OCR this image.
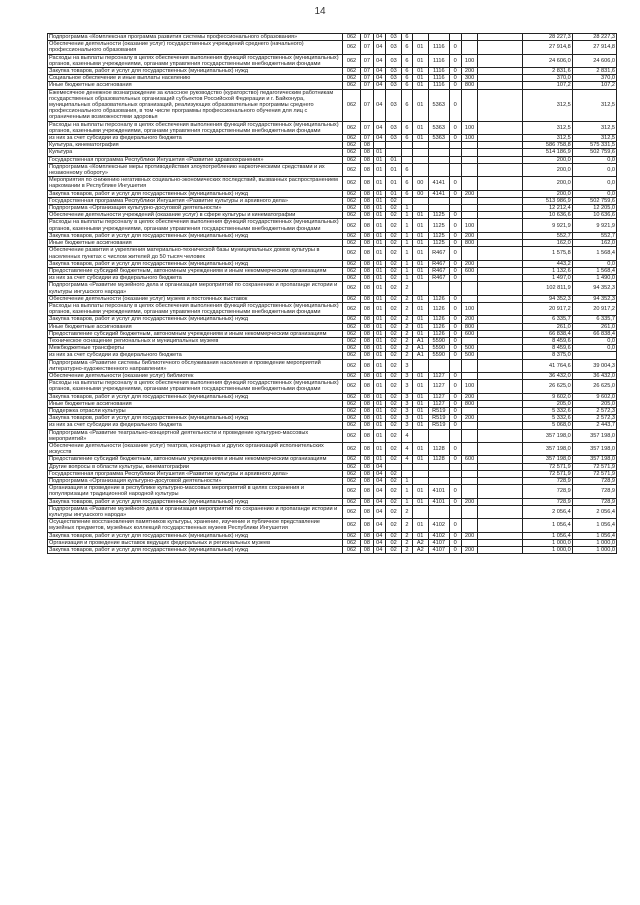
14
Подпрограмма «Комплексная программа развития системы профессионального образования»	062	07	04	03	6						28 227,3	28 227,3
Обеспечение деятельности (оказание услуг) государственных учреждений среднего (начального) профессионального образования	062	07	04	03	6	01	1116	0			27 914,8	27 914,8
Расходы на выплаты персоналу в целях обеспечения выполнения функций государственных (муниципальных) органов, казенными учреждениями, органами управления государственными внебюджетными фондами	062	07	04	03	6	01	1116	0	100		24 606,0	24 606,0
Закупка товаров, работ и услуг для государственных (муниципальных) нужд	062	07	04	03	6	01	1116	0	200		2 831,6	2 831,6
Социальное обеспечение и иные выплаты населению	062	07	04	03	6	01	1116	0	300		370,0	370,0
Иные бюджетные ассигнования	062	07	04	03	6	01	1116	0	800		107,2	107,2
Ежемесячное денежное вознаграждение за классное руководство (кураторство) педагогическим работникам государственных образовательных организаций субъектов Российской Федерации и г. Байконура, муниципальных образовательных организаций, реализующих образовательные программы среднего профессионального образования, в том числе программы профессионального обучения для лиц с ограниченными возможностями здоровья	062	07	04	03	6	01	5363	0			312,5	312,5
Расходы на выплаты персоналу в целях обеспечения выполнения функций государственных (муниципальных) органов, казенными учреждениями, органами управления государственными внебюджетными фондами	062	07	04	03	6	01	5363	0	100		312,5	312,5
из них за счет субсидии из федерального бюджета	062	07	04	03	6	01	5363	0	100		312,5	312,5
Культура, кинематография	062	08									586 758,8	575 331,5
Культура	062	08	01								514 186,9	502 759,6
Государственная программа Республики Ингушетия «Развитие здравоохранения»	062	08	01	01							200,0	0,0
Подпрограмма «Комплексные меры противодействия злоупотреблению наркотическими средствами и их незаконному обороту»	062	08	01	01	6						200,0	0,0
Мероприятия по снижению негативных социально-экономических последствий, вызванных распространением наркомании в Республике Ингушетия	062	08	01	01	6	00	4141	0			200,0	0,0
Закупка товаров, работ и услуг для государственных (муниципальных) нужд	062	08	01	01	6	00	4141	0	200		200,0	0,0
Государственная программа Республики Ингушетия «Развитие культуры и архивного дела»	062	08	01	02							513 986,9	502 759,6
Подпрограмма «Организация культурно-досуговой деятельности»	062	08	01	02	1						12 212,4	12 205,0
Обеспечение деятельности учреждений (оказание услуг) в сфере культуры и кинематографии	062	08	01	02	1	01	1125	0			10 636,6	10 636,6
Расходы на выплаты персоналу в целях обеспечения выполнения функций государственных (муниципальных) органов, казенными учреждениями, органами управления государственными внебюджетными фондами	062	08	01	02	1	01	1125	0	100		9 921,9	9 921,9
Закупка товаров, работ и услуг для государственных (муниципальных) нужд	062	08	01	02	1	01	1125	0	200		552,7	552,7
Иные бюджетные ассигнования	062	08	01	02	1	01	1125	0	800		162,0	162,0
Обеспечение развития и укрепления материально-технической базы муниципальных домов культуры в населенных пунктах с числом жителей до 50 тысяч человек	062	08	01	02	1	01	R467	0			1 575,8	1 568,4
Закупка товаров, работ и услуг для государственных (муниципальных) нужд	062	08	01	02	1	01	R467	0	200		443,2	0,0
Предоставление субсидий бюджетным, автономным учреждениям и иным некоммерческим организациям	062	08	01	02	1	01	R467	0	600		1 132,6	1 568,4
из них за счет субсидии из федерального бюджета	062	08	01	02	1	01	R467	0			1 497,0	1 490,0
Подпрограмма «Развитие музейного дела и организация мероприятий по сохранению и пропаганде истории и культуры ингушского народа»	062	08	01	02	2						102 811,9	94 352,3
Обеспечение деятельности (оказание услуг) музеев и постоянных выставок	062	08	01	02	2	01	1126	0			94 352,3	94 352,3
Расходы на выплаты персоналу в целях обеспечения выполнения функций государственных (муниципальных) органов, казенными учреждениями, органами управления государственными внебюджетными фондами	062	08	01	02	2	01	1126	0	100		20 917,2	20 917,2
Закупка товаров, работ и услуг для государственных (муниципальных) нужд	062	08	01	02	2	01	1126	0	200		6 335,7	6 335,7
Иные бюджетные ассигнования	062	08	01	02	2	01	1126	0	800		261,0	261,0
Предоставление субсидий бюджетным, автономным учреждениям и иным некоммерческим организациям	062	08	01	02	2	01	1126	0	600		66 838,4	66 838,4
Техническое оснащение региональных и муниципальных музеев	062	08	01	02	2	A1	5590	0			8 459,6	0,0
Межбюджетные трансферты	062	08	01	02	2	A1	5590	0	500		8 459,6	0,0
из них за счет субсидии из федерального бюджета	062	08	01	02	2	A1	5590	0	500		8 375,0	
Подпрограмма «Развитие системы библиотечного обслуживания населения и проведение мероприятий литературно-художественного направления»	062	08	01	02	3						41 764,6	39 004,3
Обеспечение деятельности (оказание услуг) библиотек	062	08	01	02	3	01	1127	0			36 432,0	36 432,0
Расходы на выплаты персоналу в целях обеспечения выполнения функций государственных (муниципальных) органов, казенными учреждениями, органами управления государственными внебюджетными фондами	062	08	01	02	3	01	1127	0	100		26 625,0	26 625,0
Закупка товаров, работ и услуг для государственных (муниципальных) нужд	062	08	01	02	3	01	1127	0	200		9 602,0	9 602,0
Иные бюджетные ассигнования	062	08	01	02	3	01	1127	0	800		205,0	205,0
Поддержка отрасли культуры	062	08	01	02	3	01	R519	0			5 332,6	2 572,3
Закупка товаров, работ и услуг для государственных (муниципальных) нужд	062	08	01	02	3	01	R519	0	200		5 332,6	2 572,3
из них за счет субсидии из федерального бюджета	062	08	01	02	3	01	R519	0			5 068,0	2 443,7
Подпрограмма «Развитие театрально-концертной деятельности и проведение культурно-массовых мероприятий»	062	08	01	02	4						357 198,0	357 198,0
Обеспечение деятельности (оказание услуг) театров, концертных и других организаций исполнительских искусств	062	08	01	02	4	01	1128	0			357 198,0	357 198,0
Предоставление субсидий бюджетным, автономным учреждениям и иным некоммерческим организациям	062	08	01	02	4	01	1128	0	600		357 198,0	357 198,0
Другие вопросы в области культуры, кинематографии	062	08	04								72 571,9	72 571,9
Государственная программа Республики Ингушетия «Развитие культуры и архивного дела»	062	08	04	02							72 571,9	72 571,9
Подпрограмма «Организация культурно-досуговой деятельности»	062	08	04	02	1						728,9	728,9
Организация и проведение в республике культурно-массовых мероприятий в целях сохранения и популяризации традиционной народной культуры	062	08	04	02	1	01	4101	0			728,9	728,9
Закупка товаров, работ и услуг для государственных (муниципальных) нужд	062	08	04	02	1	01	4101	0	200		728,9	728,9
Подпрограмма «Развитие музейного дела и организация мероприятий по сохранению и пропаганде истории и культуры ингушского народа»	062	08	04	02	2						2 056,4	2 056,4
Осуществление восстановления памятников культуры, хранение, изучение и публичное представление музейных предметов, музейных коллекций государственных музеев Республики Ингушетия	062	08	04	02	2	01	4102	0			1 056,4	1 056,4
Закупка товаров, работ и услуг для государственных (муниципальных) нужд	062	08	04	02	2	01	4102	0	200		1 056,4	1 056,4
Организация и проведение выставок ведущих федеральных и региональных музеев	062	08	04	02	2	A2	4107	0			1 000,0	1 000,0
Закупка товаров, работ и услуг для государственных (муниципальных) нужд	062	08	04	02	2	A2	4107	0	200		1 000,0	1 000,0
